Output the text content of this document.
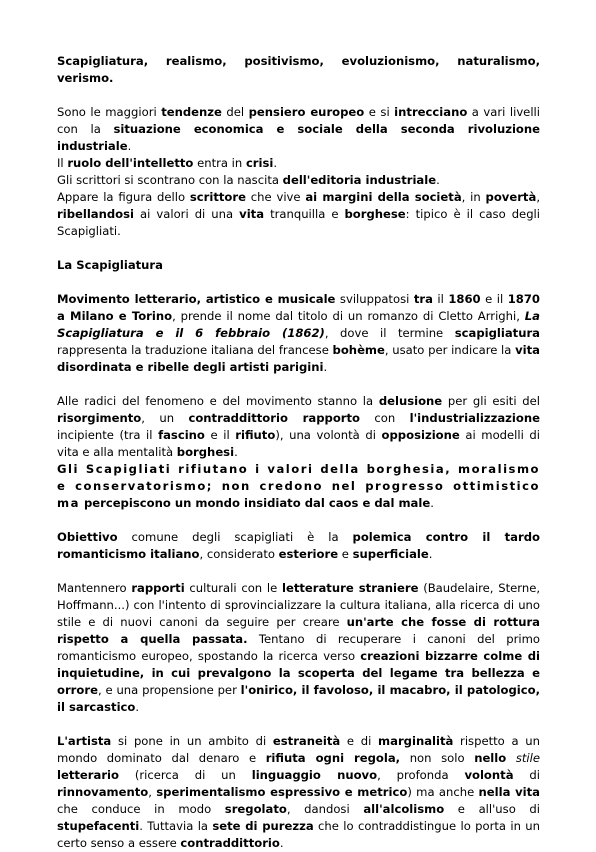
Scapigliatura, realismo, positivismo, evoluzionismo, naturalismo, verismo.

Sono le maggiori tendenze del pensiero europeo e si intrecciano a vari livelli con la situazione economica e sociale della seconda rivoluzione industriale.

Il ruolo dell'intelletto entra in crisi.

Gli scrittori si scontrano con la nascita dell'editoria industriale.

Appare la figura dello scrittore che vive ai margini della società, in povertà, ribellandosi ai valori di una vita tranquilla e borghese: tipico è il caso degli Scapigliati.

La Scapigliatura

Movimento letterario, artistico e musicale sviluppatosi tra il 1860 e il 1870 a Milano e Torino, prende il nome dal titolo di un romanzo di Cletto Arrighi, La Scapigliatura e il 6 febbraio (1862), dove il termine scapigliatura rappresenta la traduzione italiana del francese bohème, usato per indicare la vita disordinata e ribelle degli artisti parigini.

Alle radici del fenomeno e del movimento stanno la delusione per gli esiti del risorgimento, un contraddittorio rapporto con l'industrializzazione incipiente (tra il fascino e il rifiuto), una volontà di opposizione ai modelli di vita e alla mentalità borghesi.

Gli Scapigliati rifiutano i valori della borghesia, moralismo e conservatorismo; non credono nel progresso ottimistico ma percepiscono un mondo insidiato dal caos e dal male.

Obiettivo comune degli scapigliati è la polemica contro il tardo romanticismo italiano, considerato esteriore e superficiale.

Mantennero rapporti culturali con le letterature straniere (Baudelaire, Sterne, Hoffmann...) con l'intento di sprovincializzare la cultura italiana, alla ricerca di uno stile e di nuovi canoni da seguire per creare un'arte che fosse di rottura rispetto a quella passata. Tentano di recuperare i canoni del primo romanticismo europeo, spostando la ricerca verso creazioni bizzarre colme di inquietudine, in cui prevalgono la scoperta del legame tra bellezza e orrore, e una propensione per l'onirico, il favoloso, il macabro, il patologico, il sarcastico.

L'artista si pone in un ambito di estraneità e di marginalità rispetto a un mondo dominato dal denaro e rifiuta ogni regola, non solo nello stile letterario (ricerca di un linguaggio nuovo, profonda volontà di rinnovamento, sperimentalismo espressivo e metrico) ma anche nella vita che conduce in modo sregolato, dandosi all'alcolismo e all'uso di stupefacenti. Tuttavia la sete di purezza che lo contraddistingue lo porta in un certo senso a essere contraddittorio.
